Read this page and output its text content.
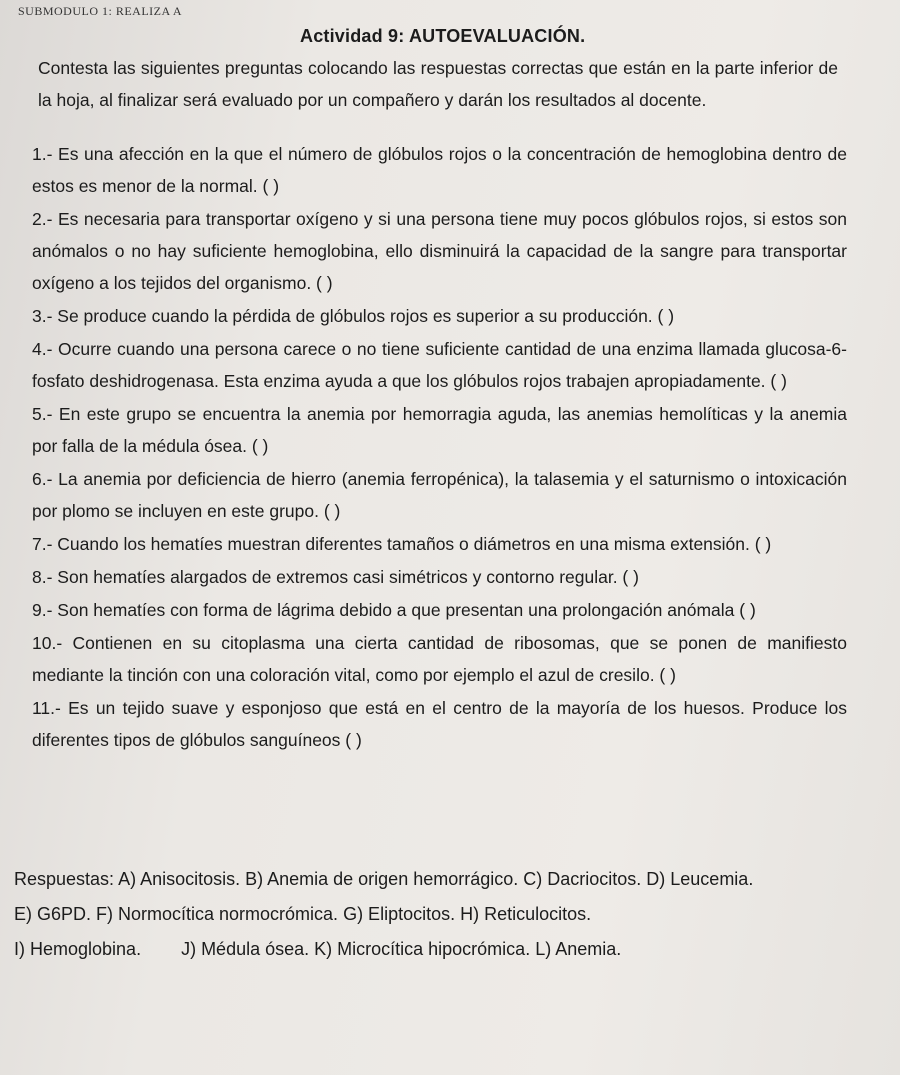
SUBMODULO 1: REALIZA A
Actividad 9: AUTOEVALUACIÓN.
Contesta las siguientes preguntas colocando las respuestas correctas que están en la parte inferior de la hoja, al finalizar será evaluado por un compañero y darán los resultados al docente.

1.- Es una afección en la que el número de glóbulos rojos o la concentración de hemoglobina dentro de estos es menor de la normal. ( )

2.- Es necesaria para transportar oxígeno y si una persona tiene muy pocos glóbulos rojos, si estos son anómalos o no hay suficiente hemoglobina, ello disminuirá la capacidad de la sangre para transportar oxígeno a los tejidos del organismo. ( )

3.- Se produce cuando la pérdida de glóbulos rojos es superior a su producción. ( )

4.- Ocurre cuando una persona carece o no tiene suficiente cantidad de una enzima llamada glucosa-6-fosfato deshidrogenasa. Esta enzima ayuda a que los glóbulos rojos trabajen apropiadamente. ( )

5.- En este grupo se encuentra la anemia por hemorragia aguda, las anemias hemolíticas y la anemia por falla de la médula ósea. ( )

6.- La anemia por deficiencia de hierro (anemia ferropénica), la talasemia y el saturnismo o intoxicación por plomo se incluyen en este grupo. ( )

7.- Cuando los hematíes muestran diferentes tamaños o diámetros en una misma extensión. ( )

8.- Son hematíes alargados de extremos casi simétricos y contorno regular. ( )

9.- Son hematíes con forma de lágrima debido a que presentan una prolongación anómala ( )

10.- Contienen en su citoplasma una cierta cantidad de ribosomas, que se ponen de manifiesto mediante la tinción con una coloración vital, como por ejemplo el azul de cresilo. ( )

11.- Es un tejido suave y esponjoso que está en el centro de la mayoría de los huesos. Produce los diferentes tipos de glóbulos sanguíneos ( )

Respuestas: A) Anisocitosis. B) Anemia de origen hemorrágico. C) Dacriocitos. D) Leucemia.
E) G6PD. F) Normocítica normocrómica. G) Eliptocitos. H) Reticulocitos.
I) Hemoglobina.        J) Médula ósea. K) Microcítica hipocrómica. L) Anemia.
